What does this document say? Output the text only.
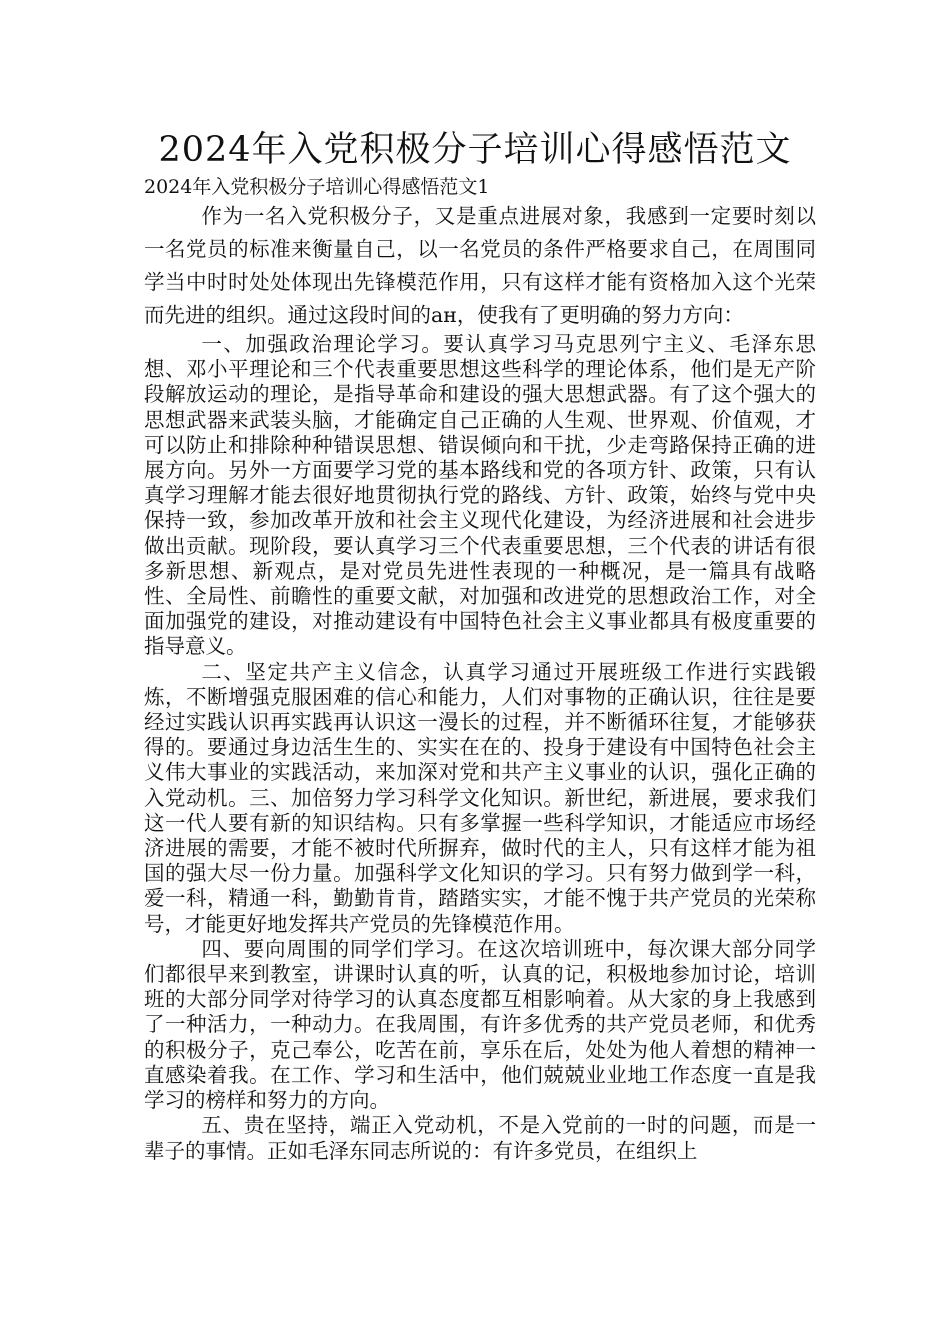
2024年入党积极分子培训心得感悟范文
2024年入党积极分子培训心得感悟范文1

作为一名入党积极分子，又是重点进展对象，我感到一定要时刻以一名党员的标准来衡量自己，以一名党员的条件严格要求自己，在周围同学当中时时处处体现出先锋模范作用，只有这样才能有资格加入这个光荣而先进的组织。通过这段时间的ан，使我有了更明确的努力方向：

一、加强政治理论学习。要认真学习马克思列宁主义、毛泽东思想、邓小平理论和三个代表重要思想这些科学的理论体系，他们是无产阶段解放运动的理论，是指导革命和建设的强大思想武器。有了这个强大的思想武器来武装头脑，才能确定自己正确的人生观、世界观、价值观，才可以防止和排除种种错误思想、错误倾向和干扰，少走弯路保持正确的进展方向。另外一方面要学习党的基本路线和党的各项方针、政策，只有认真学习理解才能去很好地贯彻执行党的路线、方针、政策，始终与党中央保持一致，参加改革开放和社会主义现代化建设，为经济进展和社会进步做出贡献。现阶段，要认真学习三个代表重要思想，三个代表的讲话有很多新思想、新观点，是对党员先进性表现的一种概况，是一篇具有战略性、全局性、前瞻性的重要文献，对加强和改进党的思想政治工作，对全面加强党的建设，对推动建设有中国特色社会主义事业都具有极度重要的指导意义。

二、坚定共产主义信念，认真学习通过开展班级工作进行实践锻炼，不断增强克服困难的信心和能力，人们对事物的正确认识，往往是要经过实践认识再实践再认识这一漫长的过程，并不断循环往复，才能够获得的。要通过身边活生生的、实实在在的、投身于建设有中国特色社会主义伟大事业的实践活动，来加深对党和共产主义事业的认识，强化正确的入党动机。三、加倍努力学习科学文化知识。新世纪，新进展，要求我们这一代人要有新的知识结构。只有多掌握一些科学知识，才能适应市场经济进展的需要，才能不被时代所摒弃，做时代的主人，只有这样才能为祖国的强大尽一份力量。加强科学文化知识的学习。只有努力做到学一科，爱一科，精通一科，勤勤肯肯，踏踏实实，才能不愧于共产党员的光荣称号，才能更好地发挥共产党员的先锋模范作用。

四、要向周围的同学们学习。在这次培训班中，每次课大部分同学们都很早来到教室，讲课时认真的听，认真的记，积极地参加讨论，培训班的大部分同学对待学习的认真态度都互相影响着。从大家的身上我感到了一种活力，一种动力。在我周围，有许多优秀的共产党员老师，和优秀的积极分子，克己奉公，吃苦在前，享乐在后，处处为他人着想的精神一直感染着我。在工作、学习和生活中，他们兢兢业业地工作态度一直是我学习的榜样和努力的方向。

五、贵在坚持，端正入党动机，不是入党前的一时的问题，而是一辈子的事情。正如毛泽东同志所说的：有许多党员，在组织上
